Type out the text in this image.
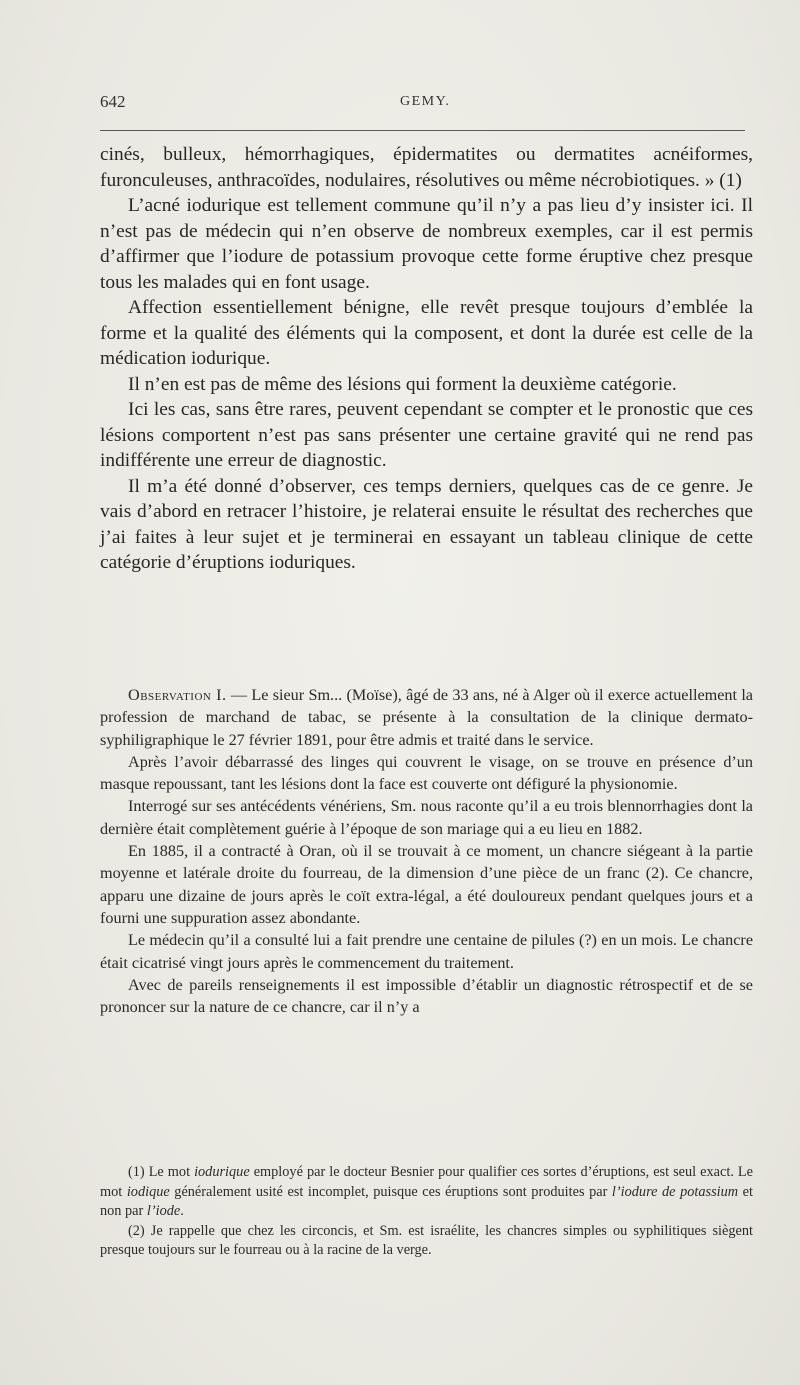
642	GEMY.

cinés, bulleux, hémorrhagiques, épidermatites ou dermatites acnéiformes, furonculeuses, anthracoïdes, nodulaires, résolutives ou même nécrobiotiques. » (1)

L’acné iodurique est tellement commune qu’il n’y a pas lieu d’y insister ici. Il n’est pas de médecin qui n’en observe de nombreux exemples, car il est permis d’affirmer que l’iodure de potassium provoque cette forme éruptive chez presque tous les malades qui en font usage.

Affection essentiellement bénigne, elle revêt presque toujours d’emblée la forme et la qualité des éléments qui la composent, et dont la durée est celle de la médication iodurique.

Il n’en est pas de même des lésions qui forment la deuxième catégorie.

Ici les cas, sans être rares, peuvent cependant se compter et le pronostic que ces lésions comportent n’est pas sans présenter une certaine gravité qui ne rend pas indifférente une erreur de diagnostic.

Il m’a été donné d’observer, ces temps derniers, quelques cas de ce genre. Je vais d’abord en retracer l’histoire, je relaterai ensuite le résultat des recherches que j’ai faites à leur sujet et je terminerai en essayant un tableau clinique de cette catégorie d’éruptions ioduriques.

Observation I. — Le sieur Sm... (Moïse), âgé de 33 ans, né à Alger où il exerce actuellement la profession de marchand de tabac, se présente à la consultation de la clinique dermato-syphiligraphique le 27 février 1891, pour être admis et traité dans le service.

Après l’avoir débarrassé des linges qui couvrent le visage, on se trouve en présence d’un masque repoussant, tant les lésions dont la face est couverte ont défiguré la physionomie.

Interrogé sur ses antécédents vénériens, Sm. nous raconte qu’il a eu trois blennorrhagies dont la dernière était complètement guérie à l’époque de son mariage qui a eu lieu en 1882.

En 1885, il a contracté à Oran, où il se trouvait à ce moment, un chancre siégeant à la partie moyenne et latérale droite du fourreau, de la dimension d’une pièce de un franc (2). Ce chancre, apparu une dizaine de jours après le coït extra-légal, a été douloureux pendant quelques jours et a fourni une suppuration assez abondante.

Le médecin qu’il a consulté lui a fait prendre une centaine de pilules (?) en un mois. Le chancre était cicatrisé vingt jours après le commencement du traitement.

Avec de pareils renseignements il est impossible d’établir un diagnostic rétrospectif et de se prononcer sur la nature de ce chancre, car il n’y a

(1) Le mot iodurique employé par le docteur Besnier pour qualifier ces sortes d’éruptions, est seul exact. Le mot iodique généralement usité est incomplet, puisque ces éruptions sont produites par l’iodure de potassium et non par l’iode.

(2) Je rappelle que chez les circoncis, et Sm. est israélite, les chancres simples ou syphilitiques siègent presque toujours sur le fourreau ou à la racine de la verge.
